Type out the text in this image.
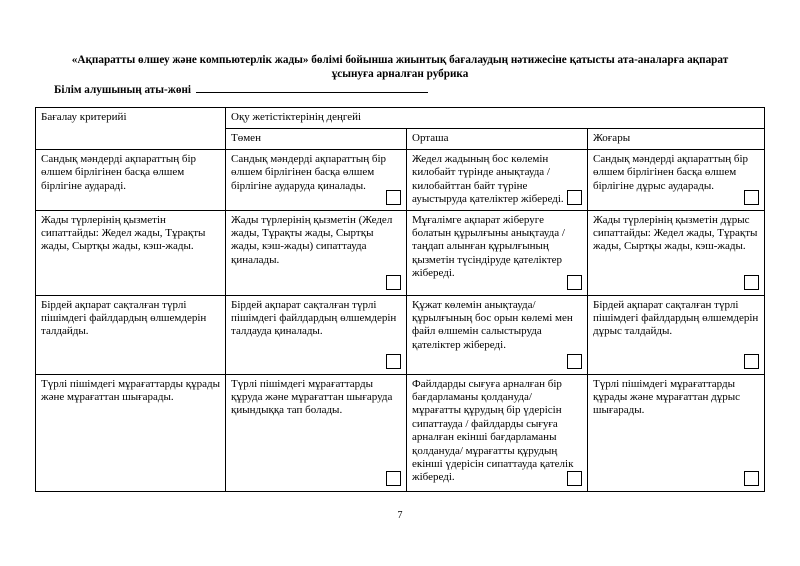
«Ақпаратты өлшеу және компьютерлік жады» бөлімі бойынша жиынтық бағалаудың нәтижесіне қатысты ата-аналарға ақпарат
ұсынуға арналған рубрика
Білім алушының аты-жөні
Бағалау критерийі	Оқу жетістіктерінің деңгейі		
	Төмен	Орташа	Жоғары
Сандық мәндерді ақпараттың бір өлшем бірлігінен басқа өлшем бірлігіне аудараді.	Сандық мәндерді ақпараттың бір өлшем бірлігінен басқа өлшем бірлігіне аударуда қиналады.	Жедел жадының бос көлемін килобайт түрінде анықтауда / килобайттан байт түріне ауыстыруда қателіктер жібереді.	Сандық мәндерді ақпараттың бір өлшем бірлігінен басқа өлшем бірлігіне дұрыс аударады.

Жады түрлерінің қызметін сипаттайды: Жедел жады, Тұрақты жады, Сыртқы жады, кэш-жады.	Жады түрлерінің қызметін (Жедел жады, Тұрақты жады, Сыртқы жады, кэш-жады) сипаттауда қиналады.	Мұғалімге ақпарат жіберуге болатын құрылғыны анықтауда /таңдап алынған құрылғының қызметін түсіндіруде қателіктер жібереді.	Жады түрлерінің қызметін дұрыс сипаттайды: Жедел жады, Тұрақты жады, Сыртқы жады, кэш-жады.

Бірдей ақпарат сақталған түрлі пішімдегі файлдардың өлшемдерін талдайды.	Бірдей ақпарат сақталған түрлі пішімдегі файлдардың өлшемдерін талдауда қиналады.	Құжат көлемін анықтауда/ құрылғының бос орын көлемі мен файл өлшемін салыстыруда қателіктер жібереді.	Бірдей ақпарат сақталған түрлі пішімдегі файлдардың өлшемдерін дұрыс талдайды.

Түрлі пішімдегі мұрағаттарды құрады және мұрағаттан шығарады.	Түрлі пішімдегі мұрағаттарды құруда және мұрағаттан шығаруда қиындыққа тап болады.	Файлдарды сығуға арналған бір бағдарламаны қолдануда/ мұрағатты құрудың бір үдерісін сипаттауда / файлдарды сығуға арналған екінші бағдарламаны қолдануда/ мұрағатты құрудың екінші үдерісін сипаттауда қателік жібереді.	Түрлі пішімдегі мұрағаттарды құрады және мұрағаттан дұрыс шығарады.
7
